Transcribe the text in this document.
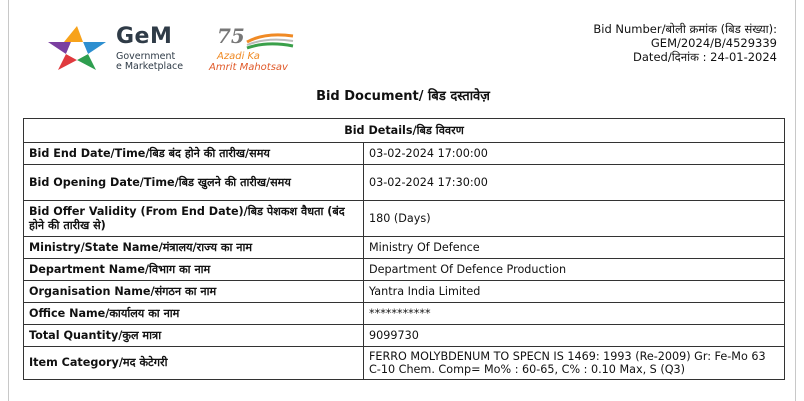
GeM
Government
e Marketplace
75
Azadi Ka
Amrit Mahotsav
Bid Number/बोली क्रमांक (बिड संख्या):
GEM/2024/B/4529339
Dated/दिनांक : 24-01-2024
Bid Document/ बिड दस्तावेज़
Bid Details/बिड विवरण	
Bid End Date/Time/बिड बंद होने की तारीख/समय	03-02-2024 17:00:00
Bid Opening Date/Time/बिड खुलने की तारीख/समय	03-02-2024 17:30:00
Bid Offer Validity (From End Date)/बिड पेशकश वैधता (बंद होने की तारीख से)	180 (Days)
Ministry/State Name/मंत्रालय/राज्य का नाम	Ministry Of Defence
Department Name/विभाग का नाम	Department Of Defence Production
Organisation Name/संगठन का नाम	Yantra India Limited
Office Name/कार्यालय का नाम	***********
Total Quantity/कुल मात्रा	9099730
Item Category/मद केटेगरी	FERRO MOLYBDENUM TO SPECN IS 1469: 1993 (Re-2009) Gr: Fe-Mo 63 C-10 Chem. Comp= Mo% : 60-65, C% : 0.10 Max, S (Q3)
